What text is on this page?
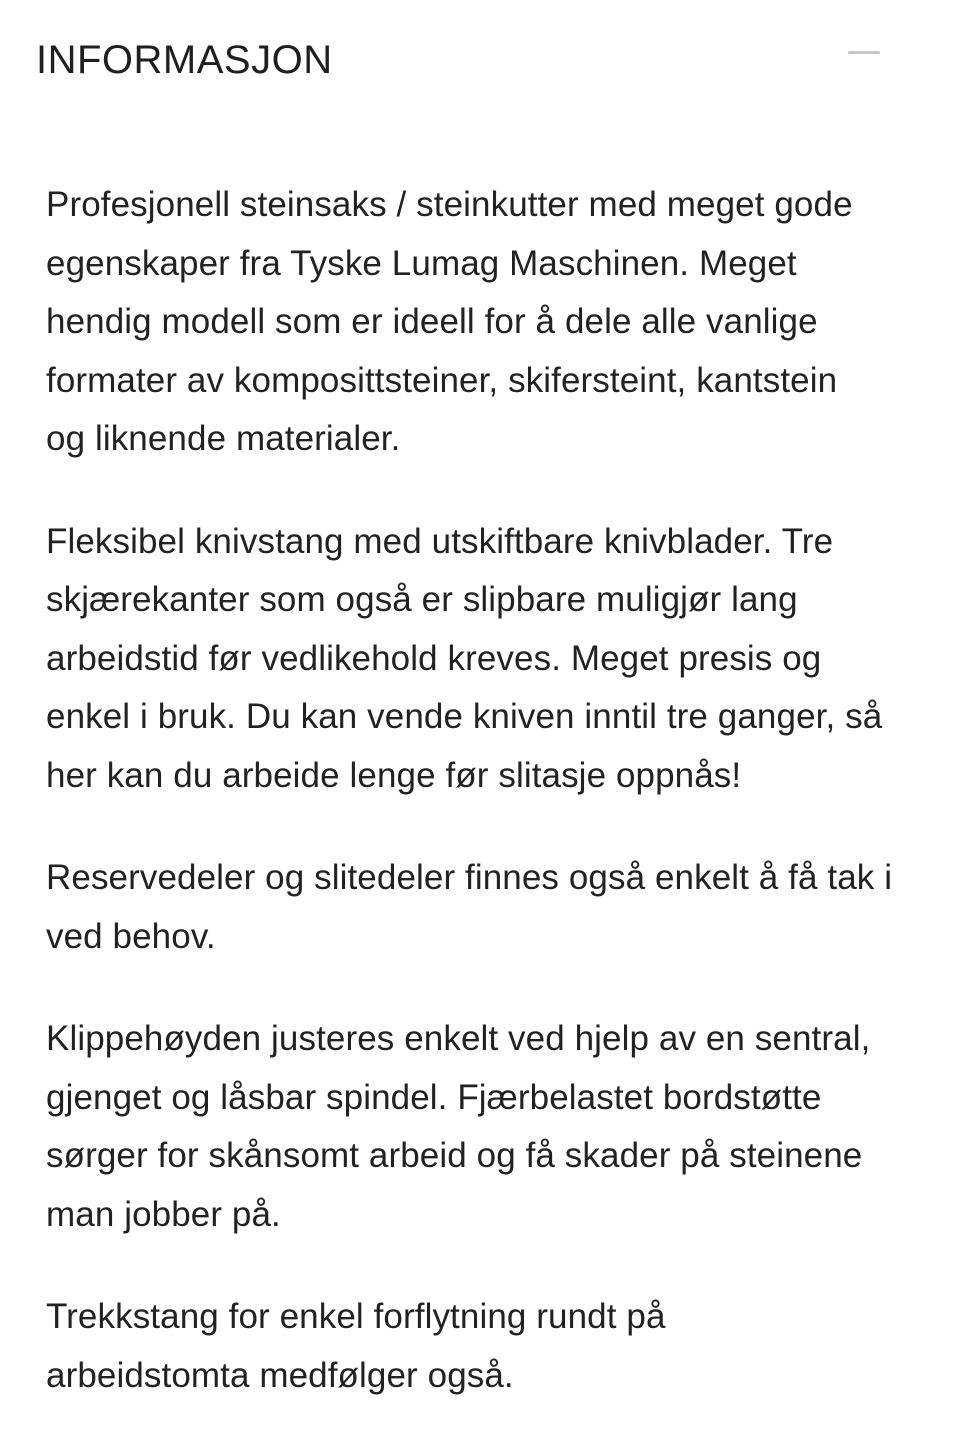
INFORMASJON

Profesjonell steinsaks / steinkutter med meget gode
egenskaper fra Tyske Lumag Maschinen. Meget
hendig modell som er ideell for å dele alle vanlige
formater av komposittsteiner, skifersteint, kantstein
og liknende materialer.

Fleksibel knivstang med utskiftbare knivblader. Tre
skjærekanter som også er slipbare muligjør lang
arbeidstid før vedlikehold kreves. Meget presis og
enkel i bruk. Du kan vende kniven inntil tre ganger, så
her kan du arbeide lenge før slitasje oppnås!

Reservedeler og slitedeler finnes også enkelt å få tak i
ved behov.

Klippehøyden justeres enkelt ved hjelp av en sentral,
gjenget og låsbar spindel. Fjærbelastet bordstøtte
sørger for skånsomt arbeid og få skader på steinene
man jobber på.

Trekkstang for enkel forflytning rundt på
arbeidstomta medfølger også.
